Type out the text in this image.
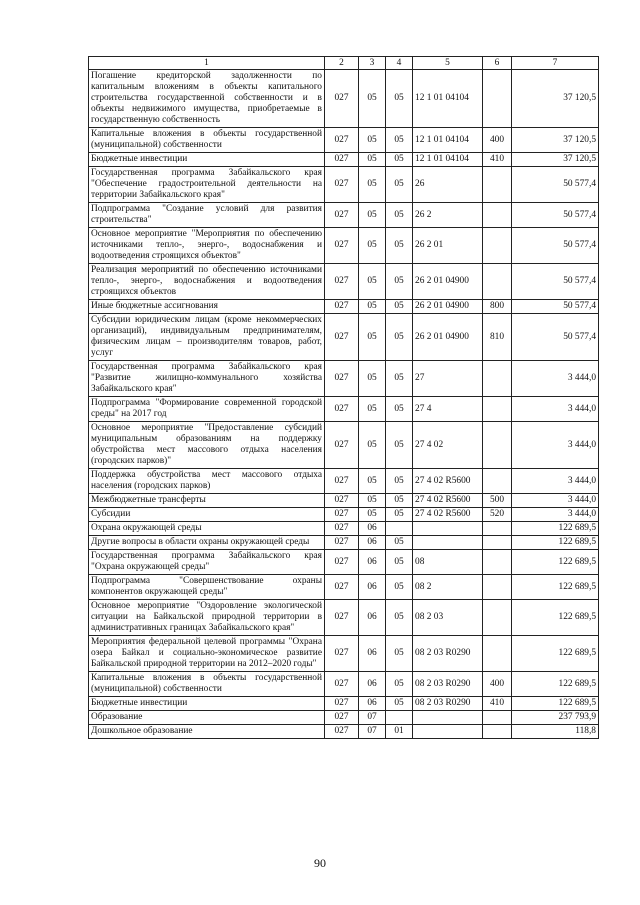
1	2	3	4	5	6	7
Погашение кредиторской задолженности по капитальным вложениям в объекты капитального строительства государственной собственности и в объекты недвижимого имущества, приобретаемые в государственную собственность	027	05	05	12 1 01 04104		37 120,5
Капитальные вложения в объекты государственной (муниципальной) собственности	027	05	05	12 1 01 04104	400	37 120,5
Бюджетные инвестиции	027	05	05	12 1 01 04104	410	37 120,5
Государственная программа Забайкальского края "Обеспечение градостроительной деятельности на территории Забайкальского края"	027	05	05	26		50 577,4
Подпрограмма "Создание условий для развития строительства"	027	05	05	26 2		50 577,4
Основное мероприятие "Мероприятия по обеспечению источниками тепло-, энерго-, водоснабжения и водоотведения строящихся объектов"	027	05	05	26 2 01		50 577,4
Реализация мероприятий по обеспечению источниками тепло-, энерго-, водоснабжения и водоотведения строящихся объектов	027	05	05	26 2 01 04900		50 577,4
Иные бюджетные ассигнования	027	05	05	26 2 01 04900	800	50 577,4
Субсидии юридическим лицам (кроме некоммерческих организаций), индивидуальным предпринимателям, физическим лицам – производителям товаров, работ, услуг	027	05	05	26 2 01 04900	810	50 577,4
Государственная программа Забайкальского края "Развитие жилищно-коммунального хозяйства Забайкальского края"	027	05	05	27		3 444,0
Подпрограмма "Формирование современной городской среды" на 2017 год	027	05	05	27 4		3 444,0
Основное мероприятие "Предоставление субсидий муниципальным образованиям на поддержку обустройства мест массового отдыха населения (городских парков)"	027	05	05	27 4 02		3 444,0
Поддержка обустройства мест массового отдыха населения (городских парков)	027	05	05	27 4 02 R5600		3 444,0
Межбюджетные трансферты	027	05	05	27 4 02 R5600	500	3 444,0
Субсидии	027	05	05	27 4 02 R5600	520	3 444,0
Охрана окружающей среды	027	06				122 689,5
Другие вопросы в области охраны окружающей среды	027	06	05			122 689,5
Государственная программа Забайкальского края "Охрана окружающей среды"	027	06	05	08		122 689,5
Подпрограмма "Совершенствование охраны компонентов окружающей среды"	027	06	05	08 2		122 689,5
Основное мероприятие "Оздоровление экологической ситуации на Байкальской природной территории в административных границах Забайкальского края"	027	06	05	08 2 03		122 689,5
Мероприятия федеральной целевой программы "Охрана озера Байкал и социально-экономическое развитие Байкальской природной территории на 2012–2020 годы"	027	06	05	08 2 03 R0290		122 689,5
Капитальные вложения в объекты государственной (муниципальной) собственности	027	06	05	08 2 03 R0290	400	122 689,5
Бюджетные инвестиции	027	06	05	08 2 03 R0290	410	122 689,5
Образование	027	07				237 793,9
Дошкольное образование	027	07	01			118,8
90
